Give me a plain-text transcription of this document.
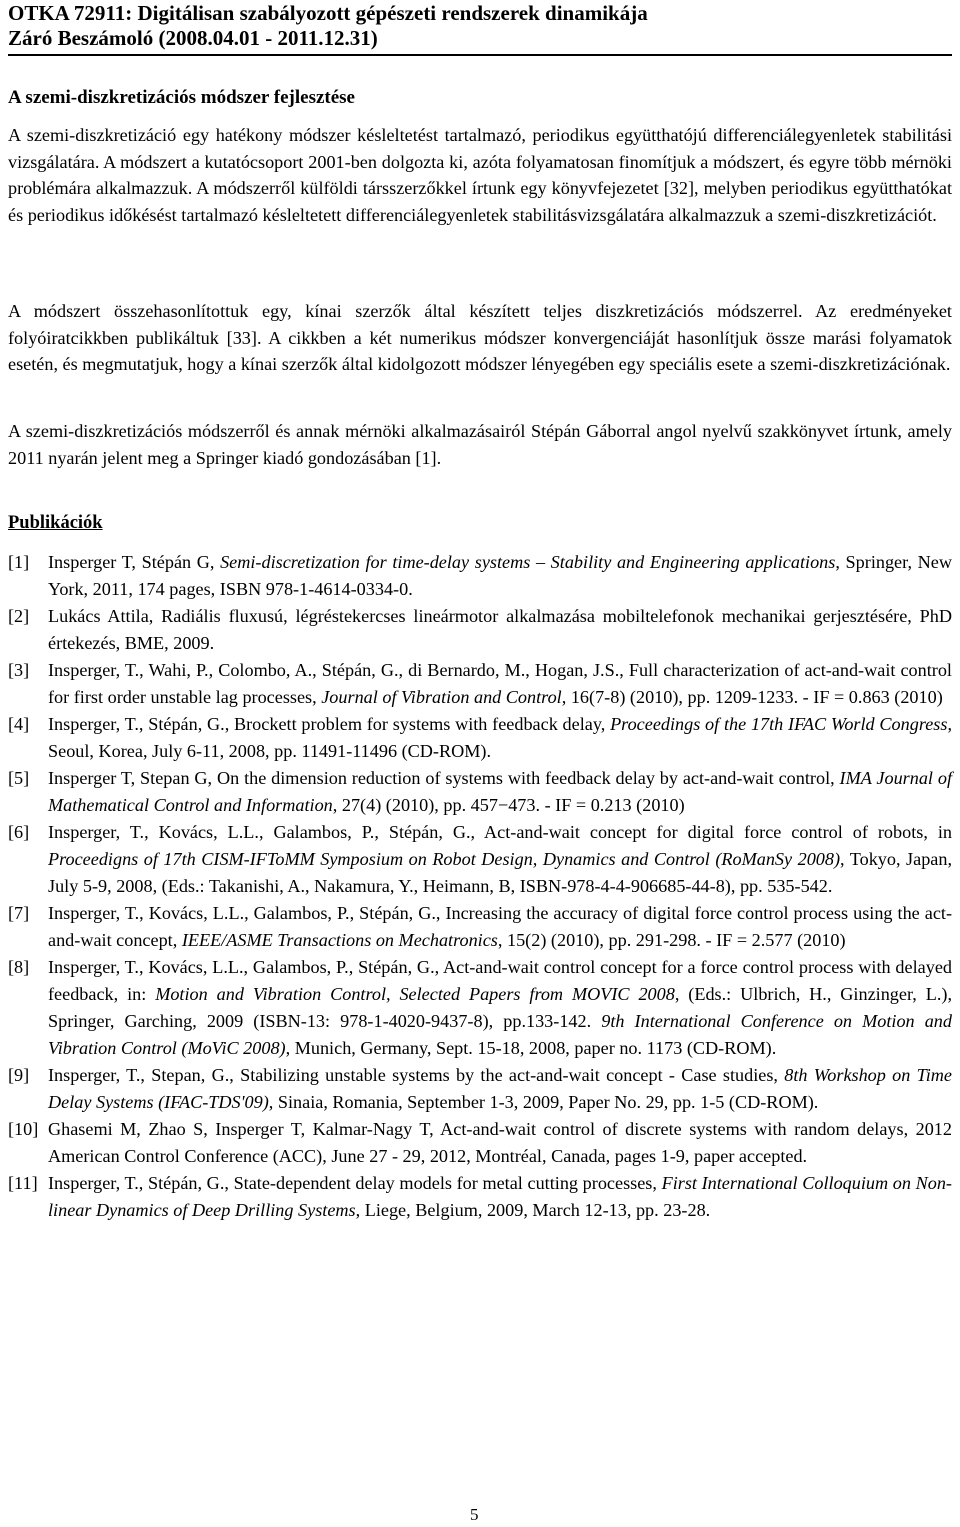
OTKA 72911: Digitálisan szabályozott gépészeti rendszerek dinamikája
Záró Beszámoló (2008.04.01 - 2011.12.31)
A szemi-diszkretizációs módszer fejlesztése

A szemi-diszkretizáció egy hatékony módszer késleltetést tartalmazó, periodikus együtthatójú differenciálegyenletek stabilitási vizsgálatára. A módszert a kutatócsoport 2001-ben dolgozta ki, azóta folyamatosan finomítjuk a módszert, és egyre több mérnöki problémára alkalmazzuk. A módszerről külföldi társszerzőkkel írtunk egy könyvfejezetet [32], melyben periodikus együtthatókat és periodikus időkésést tartalmazó késleltetett differenciálegyenletek stabilitásvizsgálatára alkalmazzuk a szemi-diszkretizációt.

A módszert összehasonlítottuk egy, kínai szerzők által készített teljes diszkretizációs módszerrel. Az eredményeket folyóiratcikkben publikáltuk [33]. A cikkben a két numerikus módszer konvergenciáját hasonlítjuk össze marási folyamatok esetén, és megmutatjuk, hogy a kínai szerzők által kidolgozott módszer lényegében egy speciális esete a szemi-diszkretizációnak.

A szemi-diszkretizációs módszerről és annak mérnöki alkalmazásairól Stépán Gáborral angol nyelvű szakkönyvet írtunk, amely 2011 nyarán jelent meg a Springer kiadó gondozásában [1].

Publikációk
[1] Insperger T, Stépán G, Semi-discretization for time-delay systems – Stability and Engineering applications, Springer, New York, 2011, 174 pages, ISBN 978-1-4614-0334-0.
[2] Lukács Attila, Radiális fluxusú, légréstekercses lineármotor alkalmazása mobiltelefonok mechanikai gerjesztésére, PhD értekezés, BME, 2009.
[3] Insperger, T., Wahi, P., Colombo, A., Stépán, G., di Bernardo, M., Hogan, J.S., Full characterization of act-and-wait control for first order unstable lag processes, Journal of Vibration and Control, 16(7-8) (2010), pp. 1209-1233. - IF = 0.863 (2010)
[4] Insperger, T., Stépán, G., Brockett problem for systems with feedback delay, Proceedings of the 17th IFAC World Congress, Seoul, Korea, July 6-11, 2008, pp. 11491-11496 (CD-ROM).
[5] Insperger T, Stepan G, On the dimension reduction of systems with feedback delay by act-and-wait control, IMA Journal of Mathematical Control and Information, 27(4) (2010), pp. 457−473. - IF = 0.213 (2010)
[6] Insperger, T., Kovács, L.L., Galambos, P., Stépán, G., Act-and-wait concept for digital force control of robots, in Proceedigns of 17th CISM-IFToMM Symposium on Robot Design, Dynamics and Control (RoManSy 2008), Tokyo, Japan, July 5-9, 2008, (Eds.: Takanishi, A., Nakamura, Y., Heimann, B, ISBN-978-4-4-906685-44-8), pp. 535-542.
[7] Insperger, T., Kovács, L.L., Galambos, P., Stépán, G., Increasing the accuracy of digital force control process using the act-and-wait concept, IEEE/ASME Transactions on Mechatronics, 15(2) (2010), pp. 291-298. - IF = 2.577 (2010)
[8] Insperger, T., Kovács, L.L., Galambos, P., Stépán, G., Act-and-wait control concept for a force control process with delayed feedback, in: Motion and Vibration Control, Selected Papers from MOVIC 2008, (Eds.: Ulbrich, H., Ginzinger, L.), Springer, Garching, 2009 (ISBN-13: 978-1-4020-9437-8), pp.133-142. 9th International Conference on Motion and Vibration Control (MoViC 2008), Munich, Germany, Sept. 15-18, 2008, paper no. 1173 (CD-ROM).
[9] Insperger, T., Stepan, G., Stabilizing unstable systems by the act-and-wait concept - Case studies, 8th Workshop on Time Delay Systems (IFAC-TDS'09), Sinaia, Romania, September 1-3, 2009, Paper No. 29, pp. 1-5 (CD-ROM).
[10] Ghasemi M, Zhao S, Insperger T, Kalmar-Nagy T, Act-and-wait control of discrete systems with random delays, 2012 American Control Conference (ACC), June 27 - 29, 2012, Montréal, Canada, pages 1-9, paper accepted.
[11] Insperger, T., Stépán, G., State-dependent delay models for metal cutting processes, First International Colloquium on Non-linear Dynamics of Deep Drilling Systems, Liege, Belgium, 2009, March 12-13, pp. 23-28.
5
